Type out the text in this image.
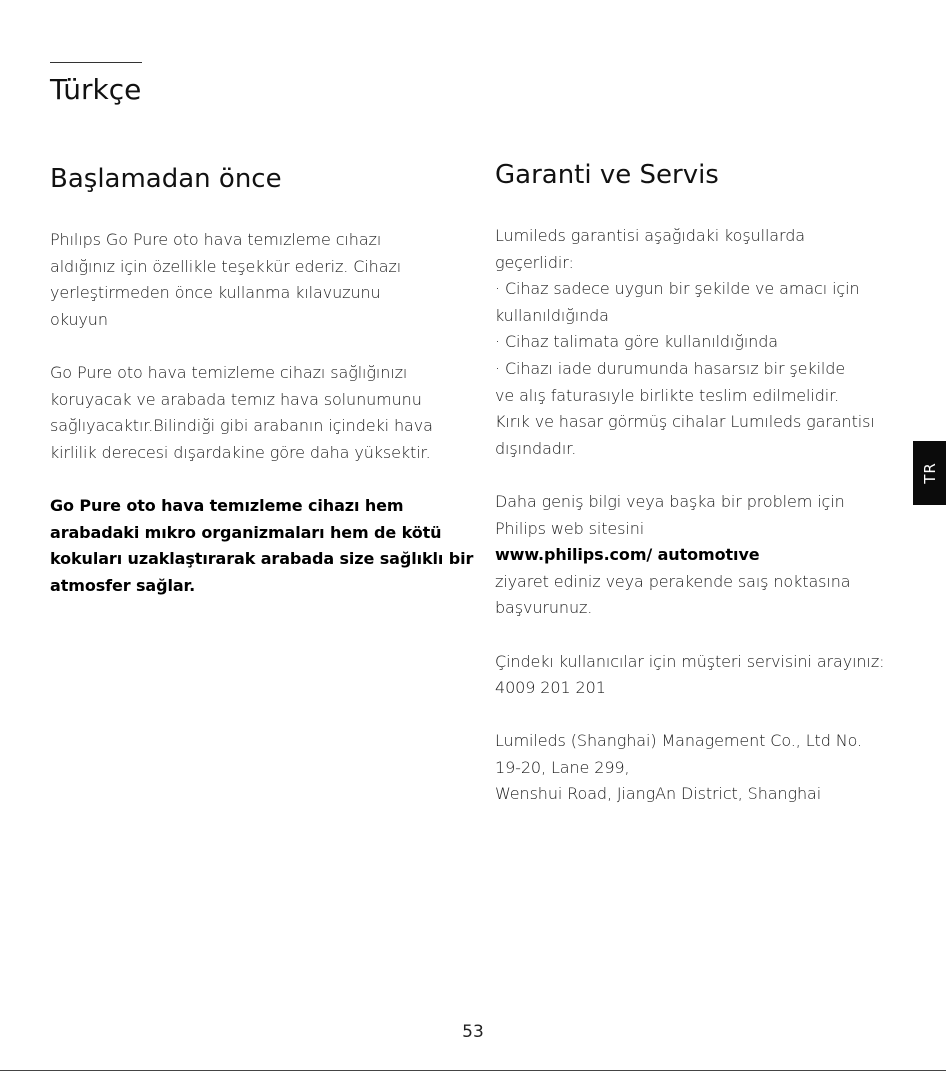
Türkçe
Başlamadan önce

Phılıps Go Pure oto hava temızleme cıhazı
aldığınız için özellikle teşekkür ederiz. Cihazı
yerleştirmeden önce kullanma kılavuzunu
okuyun

Go Pure oto hava temizleme cihazı sağlığınızı
koruyacak ve arabada temız hava solunumunu
sağlıyacaktır.Bilindiği gibi arabanın içindeki hava
kirlilik derecesi dışardakine göre daha yüksektir.

Go Pure oto hava temızleme cihazı hem
arabadaki mıkro organizmaları hem de kötü
kokuları uzaklaştırarak arabada size sağlıklı bir
atmosfer sağlar.

Garanti ve Servis

Lumileds garantisi aşağıdaki koşullarda
geçerlidir:
· Cihaz sadece uygun bir şekilde ve amacı için
kullanıldığında
· Cihaz talimata göre kullanıldığında
· Cihazı iade durumunda hasarsız bir şekilde
ve alış faturasıyle birlikte teslim edilmelidir.
Kırık ve hasar görmüş cihalar Lumıleds garantisı
dışındadır.

Daha geniş bilgi veya başka bir problem için
Philips web sitesini
www.philips.com/ automotıve
ziyaret ediniz veya perakende saış noktasına
başvurunuz.

Çindekı kullanıcılar için müşteri servisini arayınız:
4009 201 201

Lumileds (Shanghai) Management Co., Ltd No.
19-20, Lane 299,
Wenshui Road, JiangAn District, Shanghai

TR
53
